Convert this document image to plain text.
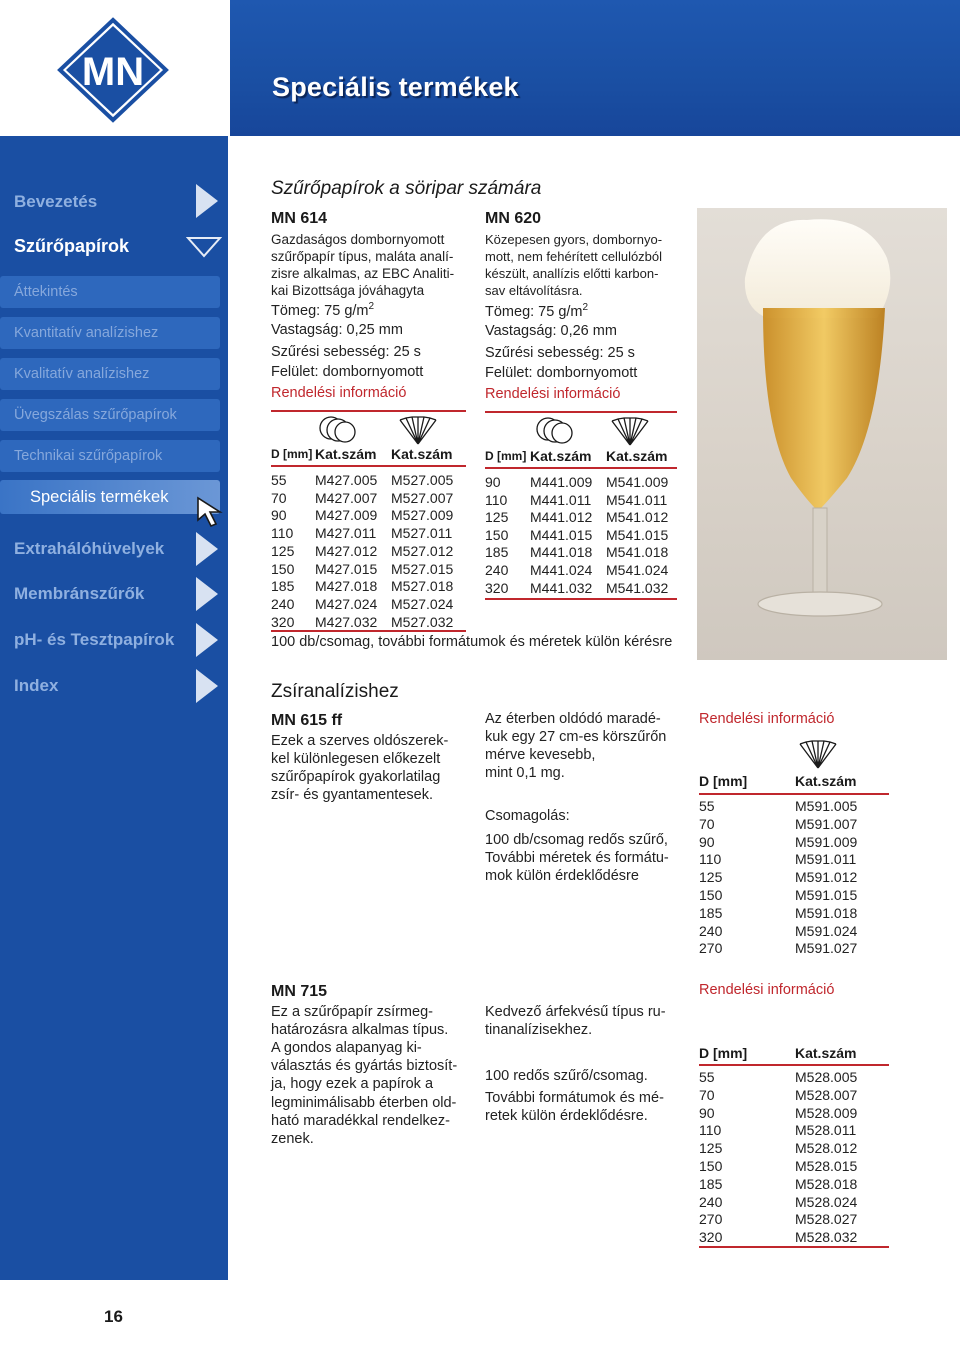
MN	Speciális termékek
Bevezetés
Szűrőpapírok
Áttekintés
Kvantitatív analízishez
Kvalitatív analízishez
Üvegszálas szűrőpapírok
Technikai szűrőpapírok
Speciális termékek
Extrahálóhüvelyek
Membránszűrők
pH- és Tesztpapírok
Index
Szűrőpapírok a söripar számára
MN 614
Gazdaságos dombornyomott
szűrőpapír típus, maláta analí-
zisre alkalmas, az EBC Analiti-
kai Bizottsága jóváhagyta
Tömeg: 75 $g/m^2$
Vastagság: 0,25 mm
Szűrési sebesség: 25 s
Felület: dombornyomott
Rendelési információ
D [mm] Kat.szám Kat.szám
55 M427.005 M527.005
70 M427.007 M527.007
90 M427.009 M527.009
110 M427.011 M527.011
125 M427.012 M527.012
150 M427.015 M527.015
185 M427.018 M527.018
240 M427.024 M527.024
320 M427.032 M527.032
MN 620
Közepesen gyors, dombornyo-
mott, nem fehérített cellulózból
készült, anallízis előtti karbon-
sav eltávolításra.
Tömeg: 75 $g/m^2$
Vastagság: 0,26 mm
Szűrési sebesség: 25 s
Felület: dombornyomott
Rendelési információ
D [mm] Kat.szám Kat.szám
90 M441.009 M541.009
110 M441.011 M541.011
125 M441.012 M541.012
150 M441.015 M541.015
185 M441.018 M541.018
240 M441.024 M541.024
320 M441.032 M541.032
100 db/csomag, további formátumok és méretek külön kérésre
Zsíranalízishez
MN 615 ff
Ezek a szerves oldószerek-
kel különlegesen előkezelt
szűrőpapírok gyakorlatilag
zsír- és gyantamentesek.
Az éterben oldódó maradé-
kuk egy 27 cm-es körszűrőn
mérve kevesebb,
mint 0,1 mg.
Csomagolás:
100 db/csomag redős szűrő,
További méretek és formátu-
mok külön érdeklődésre
Rendelési információ
D [mm]	Kat.szám
55	M591.005
70	M591.007
90	M591.009
110	M591.011
125	M591.012
150	M591.015
185	M591.018
240	M591.024
270	M591.027
MN 715
Ez a szűrőpapír zsírmeg-
határozásra alkalmas típus.
A gondos alapanyag ki-
választás és gyártás biztosít-
ja, hogy ezek a papírok a
legminimálisabb éterben old-
ható maradékkal rendelkez-
zenek.
Kedvező árfekvésű típus ru-
tinanalízisekhez.
100 redős szűrő/csomag.
További formátumok és mé-
retek külön érdeklődésre.
Rendelési információ
D [mm]	Kat.szám
55	M528.005
70	M528.007
90	M528.009
110	M528.011
125	M528.012
150	M528.015
185	M528.018
240	M528.024
270	M528.027
320	M528.032
16
